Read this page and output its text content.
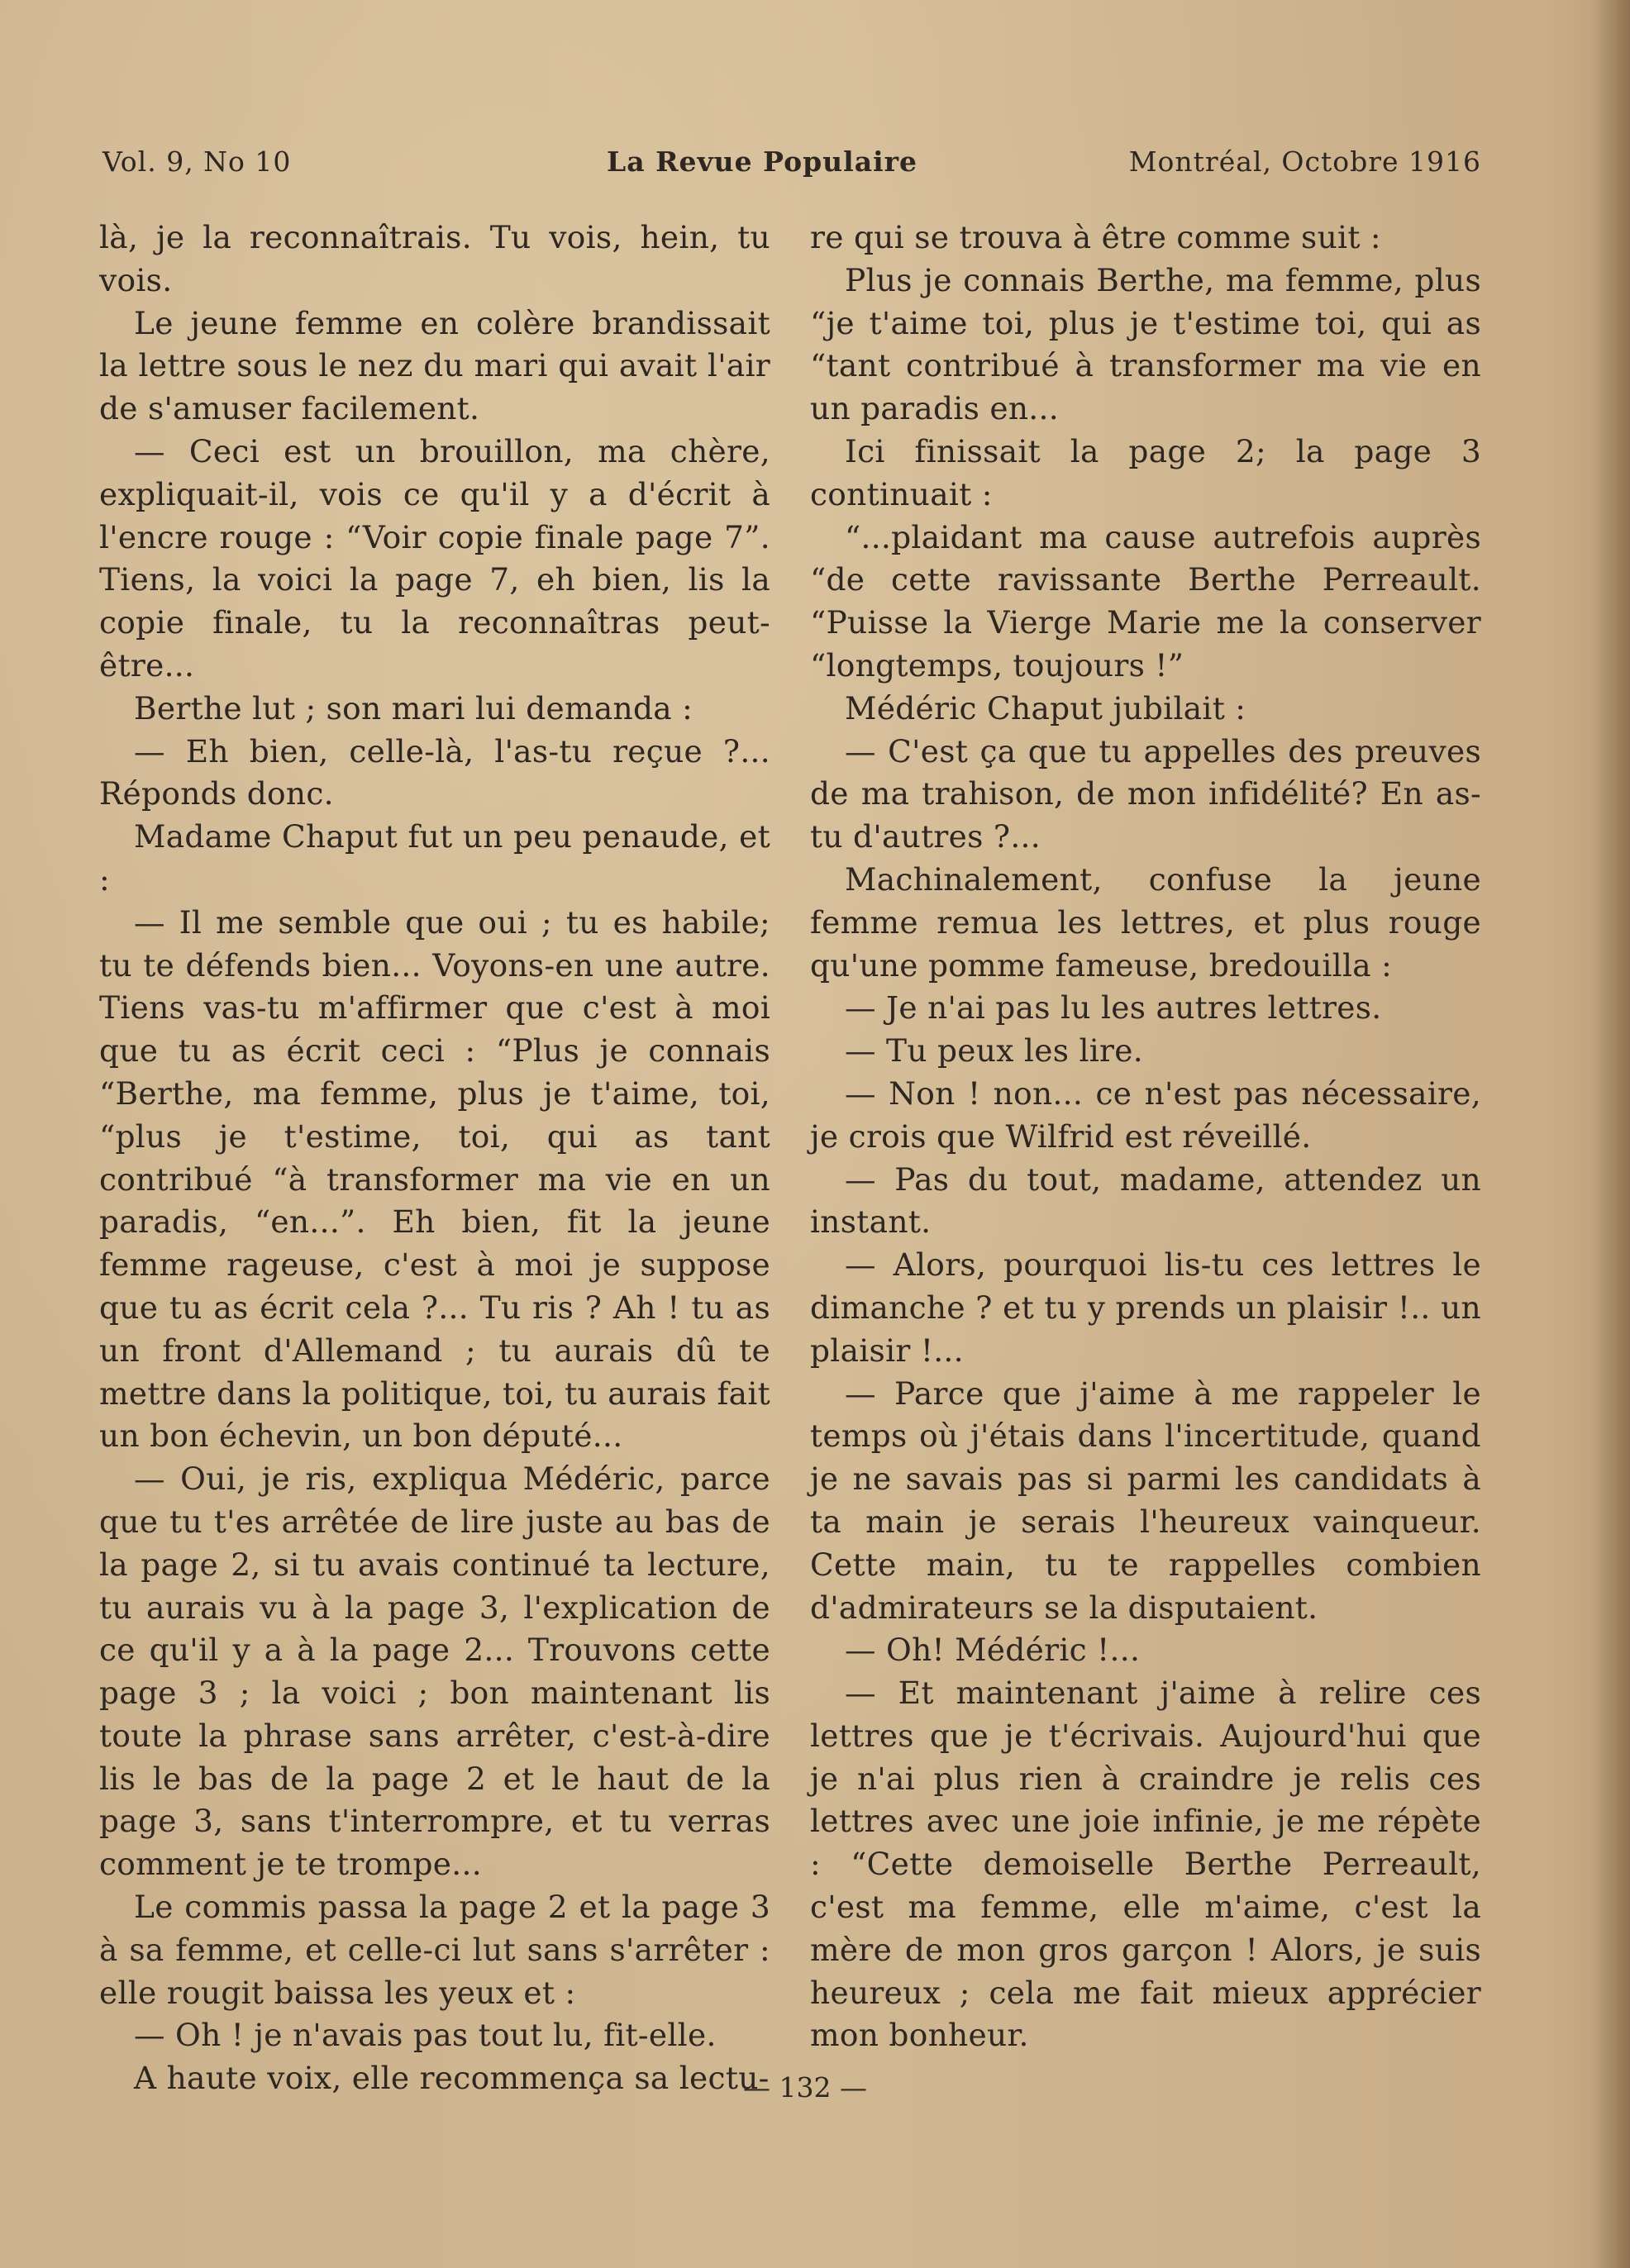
Vol. 9, No 10	La Revue Populaire	Montréal, Octobre 1916

là, je la reconnaîtrais. Tu vois, hein, tu vois.

Le jeune femme en colère brandissait la lettre sous le nez du mari qui avait l'air de s'amuser facilement.

— Ceci est un brouillon, ma chère, expliquait-il, vois ce qu'il y a d'écrit à l'encre rouge : “Voir copie finale page 7”. Tiens, la voici la page 7, eh bien, lis la copie finale, tu la reconnaîtras peut-être...

Berthe lut ; son mari lui demanda :

— Eh bien, celle-là, l'as-tu reçue ?... Réponds donc.

Madame Chaput fut un peu penaude, et :

— Il me semble que oui ; tu es habile; tu te défends bien... Voyons-en une autre. Tiens vas-tu m'affirmer que c'est à moi que tu as écrit ceci : “Plus je connais “Berthe, ma femme, plus je t'aime, toi, “plus je t'estime, toi, qui as tant contribué “à transformer ma vie en un paradis, “en...”. Eh bien, fit la jeune femme rageuse, c'est à moi je suppose que tu as écrit cela ?... Tu ris ? Ah ! tu as un front d'Allemand ; tu aurais dû te mettre dans la politique, toi, tu aurais fait un bon échevin, un bon député...

— Oui, je ris, expliqua Médéric, parce que tu t'es arrêtée de lire juste au bas de la page 2, si tu avais continué ta lecture, tu aurais vu à la page 3, l'explication de ce qu'il y a à la page 2... Trouvons cette page 3 ; la voici ; bon maintenant lis toute la phrase sans arrêter, c'est-à-dire lis le bas de la page 2 et le haut de la page 3, sans t'interrompre, et tu verras comment je te trompe...

Le commis passa la page 2 et la page 3 à sa femme, et celle-ci lut sans s'arrêter : elle rougit baissa les yeux et :

— Oh ! je n'avais pas tout lu, fit-elle.

A haute voix, elle recommença sa lectu-

re qui se trouva à être comme suit :

Plus je connais Berthe, ma femme, plus “je t'aime toi, plus je t'estime toi, qui as “tant contribué à transformer ma vie en un paradis en...

Ici finissait la page 2; la page 3 continuait :

“...plaidant ma cause autrefois auprès “de cette ravissante Berthe Perreault. “Puisse la Vierge Marie me la conserver “longtemps, toujours !”

Médéric Chaput jubilait :

— C'est ça que tu appelles des preuves de ma trahison, de mon infidélité? En as-tu d'autres ?...

Machinalement, confuse la jeune femme remua les lettres, et plus rouge qu'une pomme fameuse, bredouilla :

— Je n'ai pas lu les autres lettres.

— Tu peux les lire.

— Non ! non... ce n'est pas nécessaire, je crois que Wilfrid est réveillé.

— Pas du tout, madame, attendez un instant.

— Alors, pourquoi lis-tu ces lettres le dimanche ? et tu y prends un plaisir !.. un plaisir !...

— Parce que j'aime à me rappeler le temps où j'étais dans l'incertitude, quand je ne savais pas si parmi les candidats à ta main je serais l'heureux vainqueur. Cette main, tu te rappelles combien d'admirateurs se la disputaient.

— Oh! Médéric !...

— Et maintenant j'aime à relire ces lettres que je t'écrivais. Aujourd'hui que je n'ai plus rien à craindre je relis ces lettres avec une joie infinie, je me répète : “Cette demoiselle Berthe Perreault, c'est ma femme, elle m'aime, c'est la mère de mon gros garçon ! Alors, je suis heureux ; cela me fait mieux apprécier mon bonheur.

— 132 —
